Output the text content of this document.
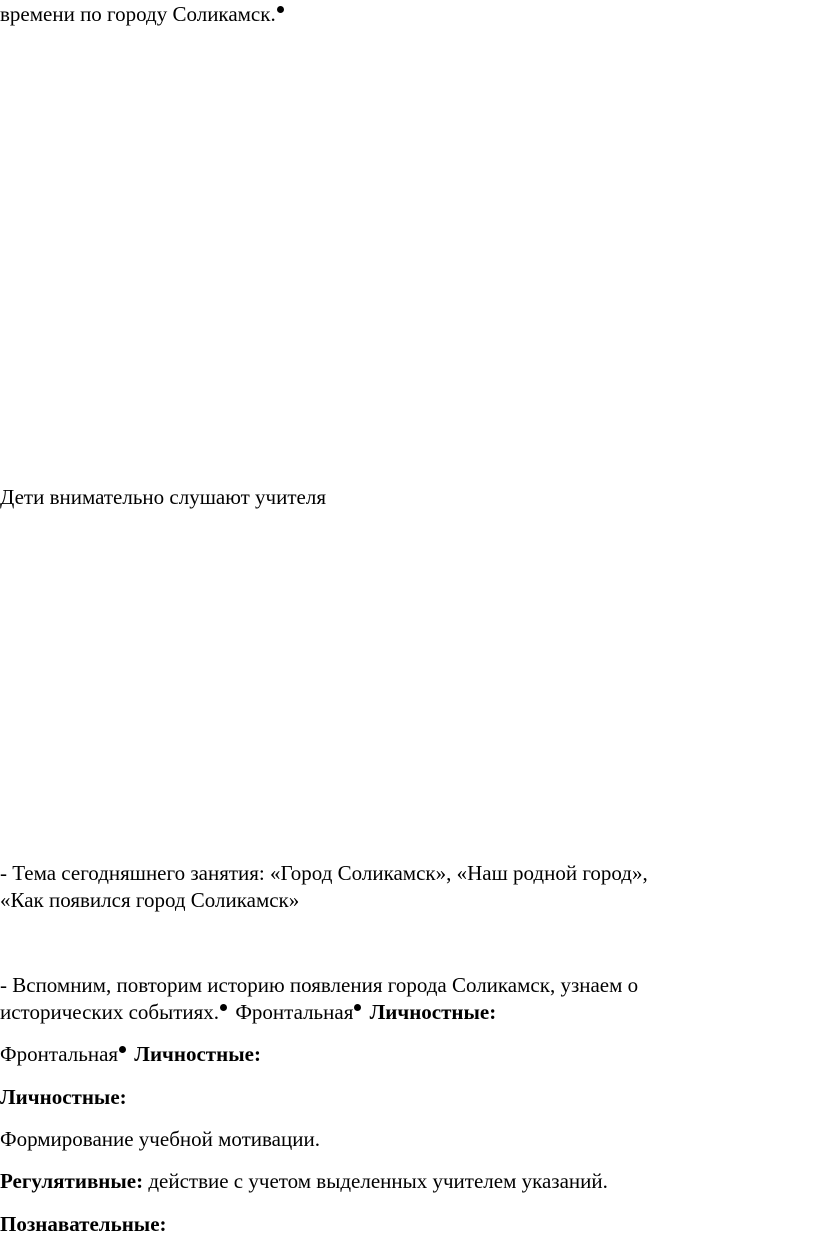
времени по городу Соликамск.
Дети внимательно слушают учителя
- Тема сегодняшнего занятия: «Город Соликамск», «Наш родной город»,
«Как появился город Соликамск»
- Вспомним, повторим историю появления города Соликамск, узнаем о
исторических событиях. Фронтальная Личностные:
Фронтальная Личностные:
Личностные:
Формирование учебной мотивации.
Регулятивные: действие с учетом выделенных учителем указаний.
Познавательные:
